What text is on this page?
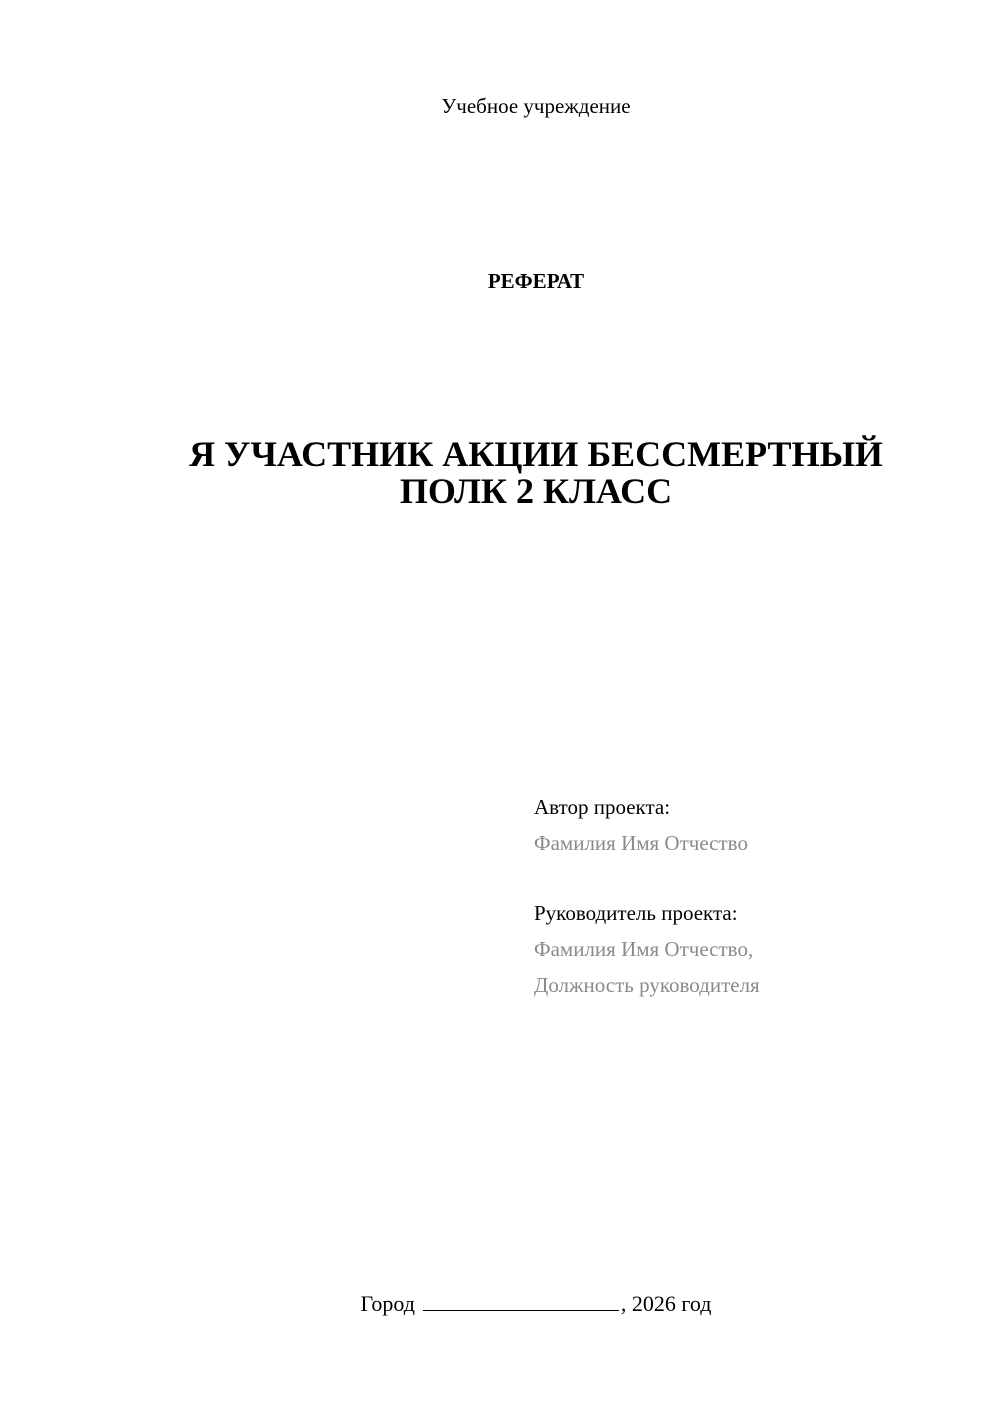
Учебное учреждение
РЕФЕРАТ
Я УЧАСТНИК АКЦИИ БЕССМЕРТНЫЙ
ПОЛК 2 КЛАСС
Автор проекта:
Фамилия Имя Отчество
Руководитель проекта:
Фамилия Имя Отчество,
Должность руководителя
Город	, 2026 год
